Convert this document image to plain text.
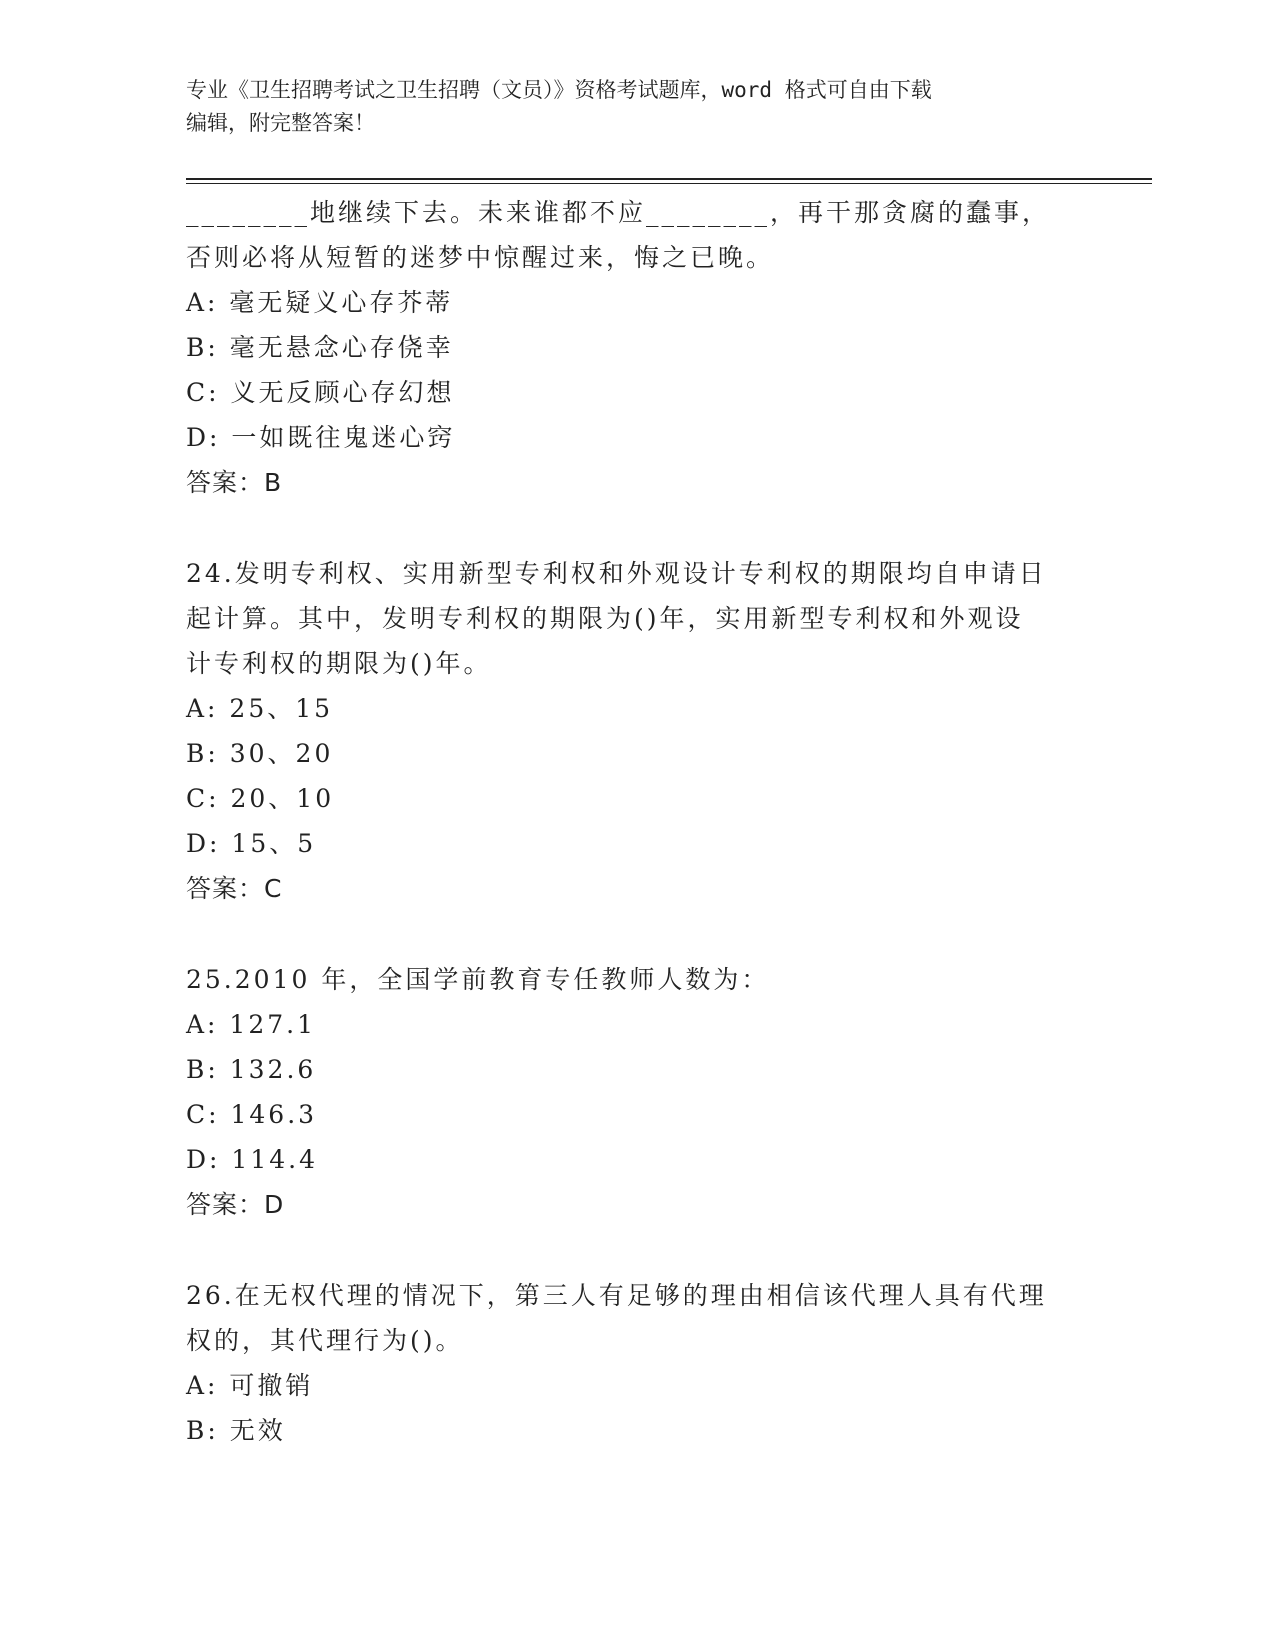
专业《卫生招聘考试之卫生招聘（文员）》资格考试题库，word 格式可自由下载
编辑，附完整答案！
________地继续下去。未来谁都不应________，再干那贪腐的蠢事，
否则必将从短暂的迷梦中惊醒过来，悔之已晚。
A: 毫无疑义心存芥蒂
B: 毫无悬念心存侥幸
C: 义无反顾心存幻想
D: 一如既往鬼迷心窍
答案：B
24.发明专利权、实用新型专利权和外观设计专利权的期限均自申请日
起计算。其中，发明专利权的期限为()年，实用新型专利权和外观设
计专利权的期限为()年。
A: 25、15
B: 30、20
C: 20、10
D: 15、5
答案：C
25.2010 年，全国学前教育专任教师人数为：
A: 127.1
B: 132.6
C: 146.3
D: 114.4
答案：D
26.在无权代理的情况下，第三人有足够的理由相信该代理人具有代理
权的，其代理行为()。
A: 可撤销
B: 无效
